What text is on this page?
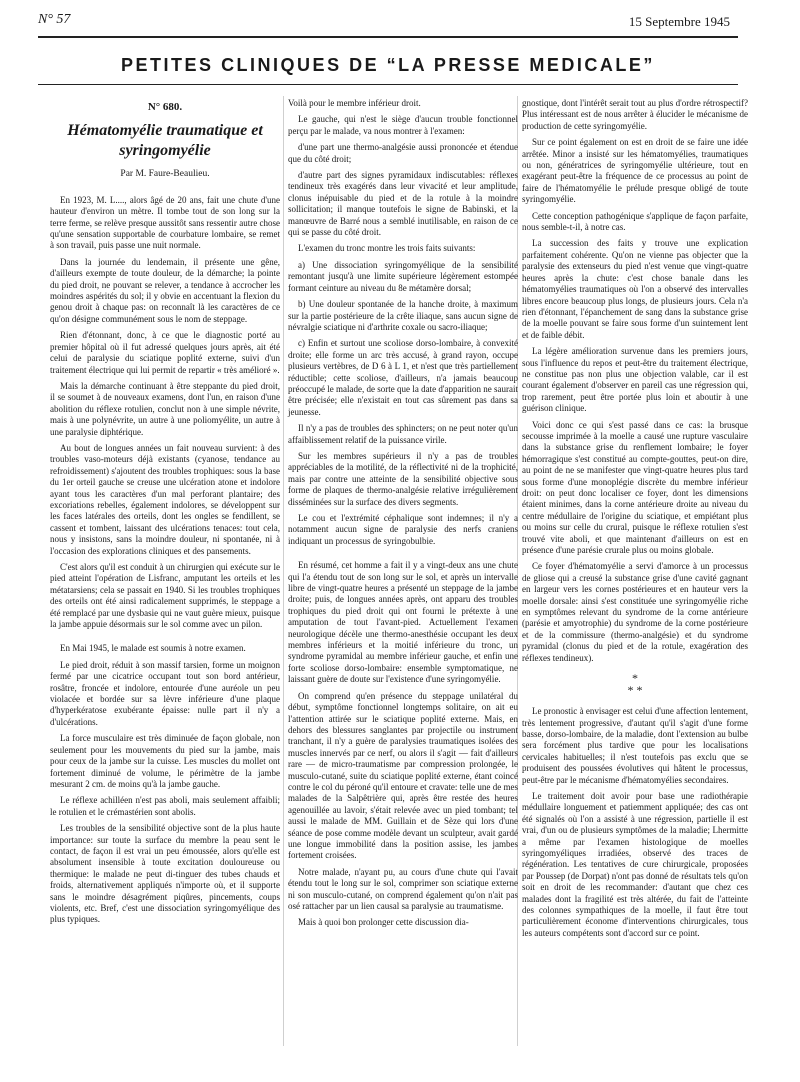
N° 57	15 Septembre 1945
PETITES CLINIQUES DE “LA PRESSE MEDICALE”
N° 680.
Hématomyélie traumatique et syringomyélie
Par M. Faure-Beaulieu.

En 1923, M. L...., alors âgé de 20 ans, fait une chute d'une hauteur d'environ un mètre. Il tombe tout de son long sur la terre ferme, se relève presque aussitôt sans ressentir autre chose qu'une sensation supportable de courbature lombaire, se remet à son travail, puis passe une nuit normale.

Dans la journée du lendemain, il présente une gêne, d'ailleurs exempte de toute douleur, de la démarche; la pointe du pied droit, ne pouvant se relever, a tendance à accrocher les moindres aspérités du sol; il y obvie en accentuant la flexion du genou droit à chaque pas: on reconnaît là les caractères de ce qu'on désigne communément sous le nom de steppage.

Rien d'étonnant, donc, à ce que le diagnostic porté au premier hôpital où il fut adressé quelques jours après, ait été celui de paralysie du sciatique poplité externe, suivi d'un traitement électrique qui lui permit de repartir « très amélioré ».

Mais la démarche continuant à être steppante du pied droit, il se soumet à de nouveaux examens, dont l'un, en raison d'une abolition du réflexe rotulien, conclut non à une simple névrite, mais à une polynévrite, un autre à une poliomyélite, un autre à une paralysie diphtérique.

Au bout de longues années un fait nouveau survient: à des troubles vaso-moteurs déjà existants (cyanose, tendance au refroidissement) s'ajoutent des troubles trophiques: sous la base du 1er orteil gauche se creuse une ulcération atone et indolore ayant tous les caractères d'un mal perforant plantaire; des excoriations rebelles, également indolores, se développent sur les faces latérales des orteils, dont les ongles se fendillent, se cassent et tombent, laissant des ulcérations tenaces: tout cela, nous y insistons, sans la moindre douleur, ni spontanée, ni à l'occasion des explorations cliniques et des pansements.

C'est alors qu'il est conduit à un chirurgien qui exécute sur le pied atteint l'opération de Lisfranc, amputant les orteils et les métatarsiens; cela se passait en 1940. Si les troubles trophiques des orteils ont été ainsi radicalement supprimés, le steppage a été remplacé par une dysbasie qui ne vaut guère mieux, puisque la jambe appuie désormais sur le sol comme avec un pilon.

En Mai 1945, le malade est soumis à notre examen.

Le pied droit, réduit à son massif tarsien, forme un moignon fermé par une cicatrice occupant tout son bord antérieur, rosâtre, froncée et indolore, entourée d'une auréole un peu violacée et bordée sur sa lèvre inférieure d'une plaque d'hyperkératose exubérante épaisse: nulle part il n'y a d'ulcérations.

La force musculaire est très diminuée de façon globale, non seulement pour les mouvements du pied sur la jambe, mais pour ceux de la jambe sur la cuisse. Les muscles du mollet ont fortement diminué de volume, le périmètre de la jambe mesurant 2 cm. de moins qu'à la jambe gauche.

Le réflexe achilléen n'est pas aboli, mais seulement affaibli; le rotulien et le crémastérien sont abolis.

Les troubles de la sensibilité objective sont de la plus haute importance: sur toute la surface du membre la peau sent le contact, de façon il est vrai un peu émoussée, alors qu'elle est absolument insensible à toute excitation douloureuse ou thermique: le malade ne peut di-tinguer des tubes chauds et froids, alternativement appliqués n'importe où, et il supporte sans le moindre désagrément piqûres, pincements, coups violents, etc. Bref, c'est une dissociation syringomyélique des plus typiques.

Voilà pour le membre inférieur droit.

Le gauche, qui n'est le siège d'aucun trouble fonctionnel perçu par le malade, va nous montrer à l'examen:

d'une part une thermo-analgésie aussi prononcée et étendue que du côté droit;

d'autre part des signes pyramidaux indiscutables: réflexes tendineux très exagérés dans leur vivacité et leur amplitude, clonus inépuisable du pied et de la rotule à la moindre sollicitation; il manque toutefois le signe de Babinski, et la manœuvre de Barré nous a semblé inutilisable, en raison de ce qui se passe du côté droit.

L'examen du tronc montre les trois faits suivants:

a) Une dissociation syringomyélique de la sensibilité remontant jusqu'à une limite supérieure légèrement estompée formant ceinture au niveau du 8e métamère dorsal;

b) Une douleur spontanée de la hanche droite, à maximum sur la partie postérieure de la crête iliaque, sans aucun signe de névralgie sciatique ni d'arthrite coxale ou sacro-iliaque;

c) Enfin et surtout une scoliose dorso-lombaire, à convexité droite; elle forme un arc très accusé, à grand rayon, occupe plusieurs vertèbres, de D 6 à L 1, et n'est que très partiellement réductible; cette scoliose, d'ailleurs, n'a jamais beaucoup préoccupé le malade, de sorte que la date d'apparition ne saurait être précisée; elle n'existait en tout cas sûrement pas dans sa jeunesse.

Il n'y a pas de troubles des sphincters; on ne peut noter qu'un affaiblissement relatif de la puissance virile.

Sur les membres supérieurs il n'y a pas de troubles appréciables de la motilité, de la réflectivité ni de la trophicité, mais par contre une atteinte de la sensibilité objective sous forme de plaques de thermo-analgésie relative irrégulièrement disséminées sur la surface des divers segments.

Le cou et l'extrémité céphalique sont indemnes; il n'y a notamment aucun signe de paralysie des nerfs craniens indiquant un processus de syringobulbie.

En résumé, cet homme a fait il y a vingt-deux ans une chute qui l'a étendu tout de son long sur le sol, et après un intervalle libre de vingt-quatre heures a présenté un steppage de la jambe droite; puis, de longues années après, ont apparu des troubles trophiques du pied droit qui ont fourni le prétexte à une amputation de tout l'avant-pied. Actuellement l'examen neurologique décèle une thermo-anesthésie occupant les deux membres inférieurs et la moitié inférieure du tronc, un syndrome pyramidal au membre inférieur gauche, et enfin une forte scoliose dorso-lombaire: ensemble symptomatique, ne laissant guère de doute sur l'existence d'une syringomyélie.

On comprend qu'en présence du steppage unilatéral du début, symptôme fonctionnel longtemps solitaire, on ait eu l'attention attirée sur le sciatique poplité externe. Mais, en dehors des blessures sanglantes par projectile ou instrument tranchant, il n'y a guère de paralysies traumatiques isolées des muscles innervés par ce nerf, ou alors il s'agit — fait d'ailleurs rare — de micro-traumatisme par compression prolongée, le musculo-cutané, suite du sciatique poplité externe, étant coincé contre le col du péroné qu'il entoure et cravate: telle une de mes malades de la Salpêtrière qui, après être restée des heures agenouillée au lavoir, s'était relevée avec un pied tombant; tel aussi le malade de MM. Guillain et de Sèze qui lors d'une séance de pose comme modèle devant un sculpteur, avait gardé une longue immobilité dans la position assise, les jambes fortement croisées.

Notre malade, n'ayant pu, au cours d'une chute qui l'avait étendu tout le long sur le sol, comprimer son sciatique externe ni son musculo-cutané, on comprend également qu'on n'ait pas osé rattacher par un lien causal sa paralysie au traumatisme.

Mais à quoi bon prolonger cette discussion dia-

gnostique, dont l'intérêt serait tout au plus d'ordre rétrospectif? Plus intéressant est de nous arrêter à élucider le mécanisme de production de cette syringomyélie.

Sur ce point également on est en droit de se faire une idée arrêtée. Minor a insisté sur les hématomyélies, traumatiques ou non, génératrices de syringomyélie ultérieure, tout en exagérant peut-être la fréquence de ce processus au point de faire de l'hématomyélie le prélude presque obligé de toute syringomyélie.

Cette conception pathogénique s'applique de façon parfaite, nous semble-t-il, à notre cas.

La succession des faits y trouve une explication parfaitement cohérente. Qu'on ne vienne pas objecter que la paralysie des extenseurs du pied n'est venue que vingt-quatre heures après la chute: c'est chose banale dans les hématomyélies traumatiques où l'on a observé des intervalles libres encore beaucoup plus longs, de plusieurs jours. Cela n'a rien d'étonnant, l'épanchement de sang dans la substance grise de la moelle pouvant se faire sous forme d'un suintement lent et de faible débit.

La légère amélioration survenue dans les premiers jours, sous l'influence du repos et peut-être du traitement électrique, ne constitue pas non plus une objection valable, car il est courant également d'observer en pareil cas une régression qui, trop rarement, peut être portée plus loin et aboutir à une guérison clinique.

Voici donc ce qui s'est passé dans ce cas: la brusque secousse imprimée à la moelle a causé une rupture vasculaire dans la substance grise du renflement lombaire; le foyer hémorragique s'est constitué au compte-gouttes, peut-on dire, au point de ne se manifester que vingt-quatre heures plus tard sous forme d'une monoplégie discrète du membre inférieur droit: on peut donc localiser ce foyer, dont les dimensions étaient minimes, dans la corne antérieure droite au niveau du centre médullaire de l'origine du sciatique, et empiétant plus ou moins sur celle du crural, puisque le réflexe rotulien s'est trouvé vite aboli, et que maintenant d'ailleurs on est en présence d'une parésie crurale plus ou moins globale.

Ce foyer d'hématomyélie a servi d'amorce à un processus de gliose qui a creusé la substance grise d'une cavité gagnant en largeur vers les cornes postérieures et en hauteur vers la moelle dorsale: ainsi s'est constituée une syringomyélie riche en symptômes relevant du syndrome de la corne antérieure (parésie et amyotrophie) du syndrome de la corne postérieure et de la commissure (thermo-analgésie) et du syndrome pyramidal (clonus du pied et de la rotule, exagération des réflexes tendineux).

*
* *

Le pronostic à envisager est celui d'une affection lentement, très lentement progressive, d'autant qu'il s'agit d'une forme basse, dorso-lombaire, de la maladie, dont l'extension au bulbe sera forcément plus tardive que pour les localisations cervicales habituelles; il n'est toutefois pas exclu que se produisent des poussées évolutives qui hâtent le processus, peut-être par le mécanisme d'hématomyélies secondaires.

Le traitement doit avoir pour base une radiothérapie médullaire longuement et patiemment appliquée; des cas ont été signalés où l'on a assisté à une régression, partielle il est vrai, d'un ou de plusieurs symptômes de la maladie; Lhermitte a même par l'examen histologique de moelles syringomyéliques irradiées, observé des traces de régénération. Les tentatives de cure chirurgicale, proposées par Poussep (de Dorpat) n'ont pas donné de résultats tels qu'on soit en droit de les recommander: d'autant que chez ces malades dont la fragilité est très altérée, du fait de l'atteinte des colonnes sympathiques de la moelle, il faut être tout particulièrement économe d'interventions chirurgicales, tous les auteurs compétents sont d'accord sur ce point.
